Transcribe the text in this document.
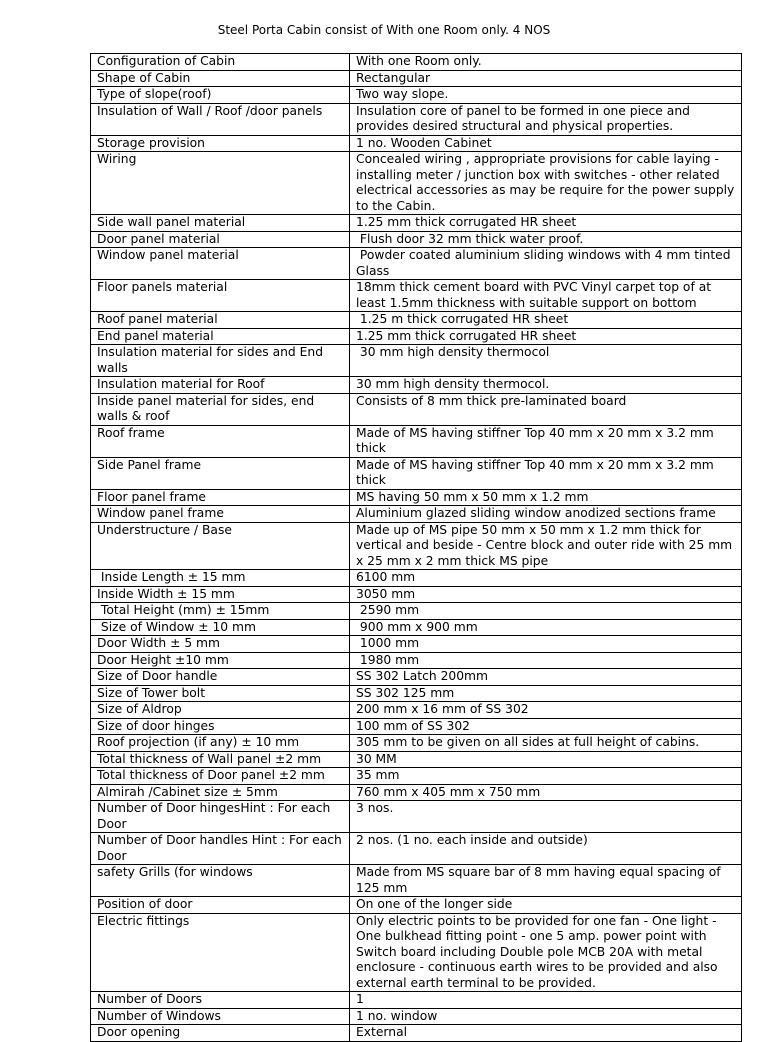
Steel Porta Cabin consist of With one Room only. 4 NOS
Configuration of Cabin	With one Room only.
Shape of Cabin	Rectangular
Type of slope(roof)	Two way slope.
Insulation of Wall / Roof /door panels	Insulation core of panel to be formed in one piece and provides desired structural and physical properties.
Storage provision	1 no. Wooden Cabinet
Wiring	Concealed wiring , appropriate provisions for cable laying - installing meter / junction box with switches - other related electrical accessories as may be require for the power supply to the Cabin.
Side wall panel material	1.25 mm thick corrugated HR sheet
Door panel material	Flush door 32 mm thick water proof.
Window panel material	Powder coated aluminium sliding windows with 4 mm tinted Glass
Floor panels material	18mm thick cement board with PVC Vinyl carpet top of at least 1.5mm thickness with suitable support on bottom
Roof panel material	1.25 m thick corrugated HR sheet
End panel material	1.25 mm thick corrugated HR sheet
Insulation material for sides and End walls	30 mm high density thermocol
Insulation material for Roof	30 mm high density thermocol.
Inside panel material for sides, end walls & roof	Consists of 8 mm thick pre-laminated board
Roof frame	Made of MS having stiffner Top 40 mm x 20 mm x 3.2 mm thick
Side Panel frame	Made of MS having stiffner Top 40 mm x 20 mm x 3.2 mm thick
Floor panel frame	MS having 50 mm x 50 mm x 1.2 mm
Window panel frame	Aluminium glazed sliding window anodized sections frame
Understructure / Base	Made up of MS pipe 50 mm x 50 mm x 1.2 mm thick for vertical and beside - Centre block and outer ride with 25 mm x 25 mm x 2 mm thick MS pipe
Inside Length ± 15 mm	6100 mm
Inside Width ± 15 mm	3050 mm
Total Height (mm) ± 15mm	2590 mm
Size of Window ± 10 mm	900 mm x 900 mm
Door Width ± 5 mm	1000 mm
Door Height ±10 mm	1980 mm
Size of Door handle	SS 302 Latch 200mm
Size of Tower bolt	SS 302 125 mm
Size of Aldrop	200 mm x 16 mm of SS 302
Size of door hinges	100 mm of SS 302
Roof projection (if any) ± 10 mm	305 mm to be given on all sides at full height of cabins.
Total thickness of Wall panel ±2 mm	30 MM
Total thickness of Door panel ±2 mm	35 mm
Almirah /Cabinet size ± 5mm	760 mm x 405 mm x 750 mm
Number of Door hingesHint : For each Door	3 nos.
Number of Door handles Hint : For each Door	2 nos. (1 no. each inside and outside)
safety Grills (for windows	Made from MS square bar of 8 mm having equal spacing of 125 mm
Position of door	On one of the longer side
Electric fittings	Only electric points to be provided for one fan - One light - One bulkhead fitting point - one 5 amp. power point with Switch board including Double pole MCB 20A with metal enclosure - continuous earth wires to be provided and also external earth terminal to be provided.
Number of Doors	1
Number of Windows	1 no. window
Door opening	External
